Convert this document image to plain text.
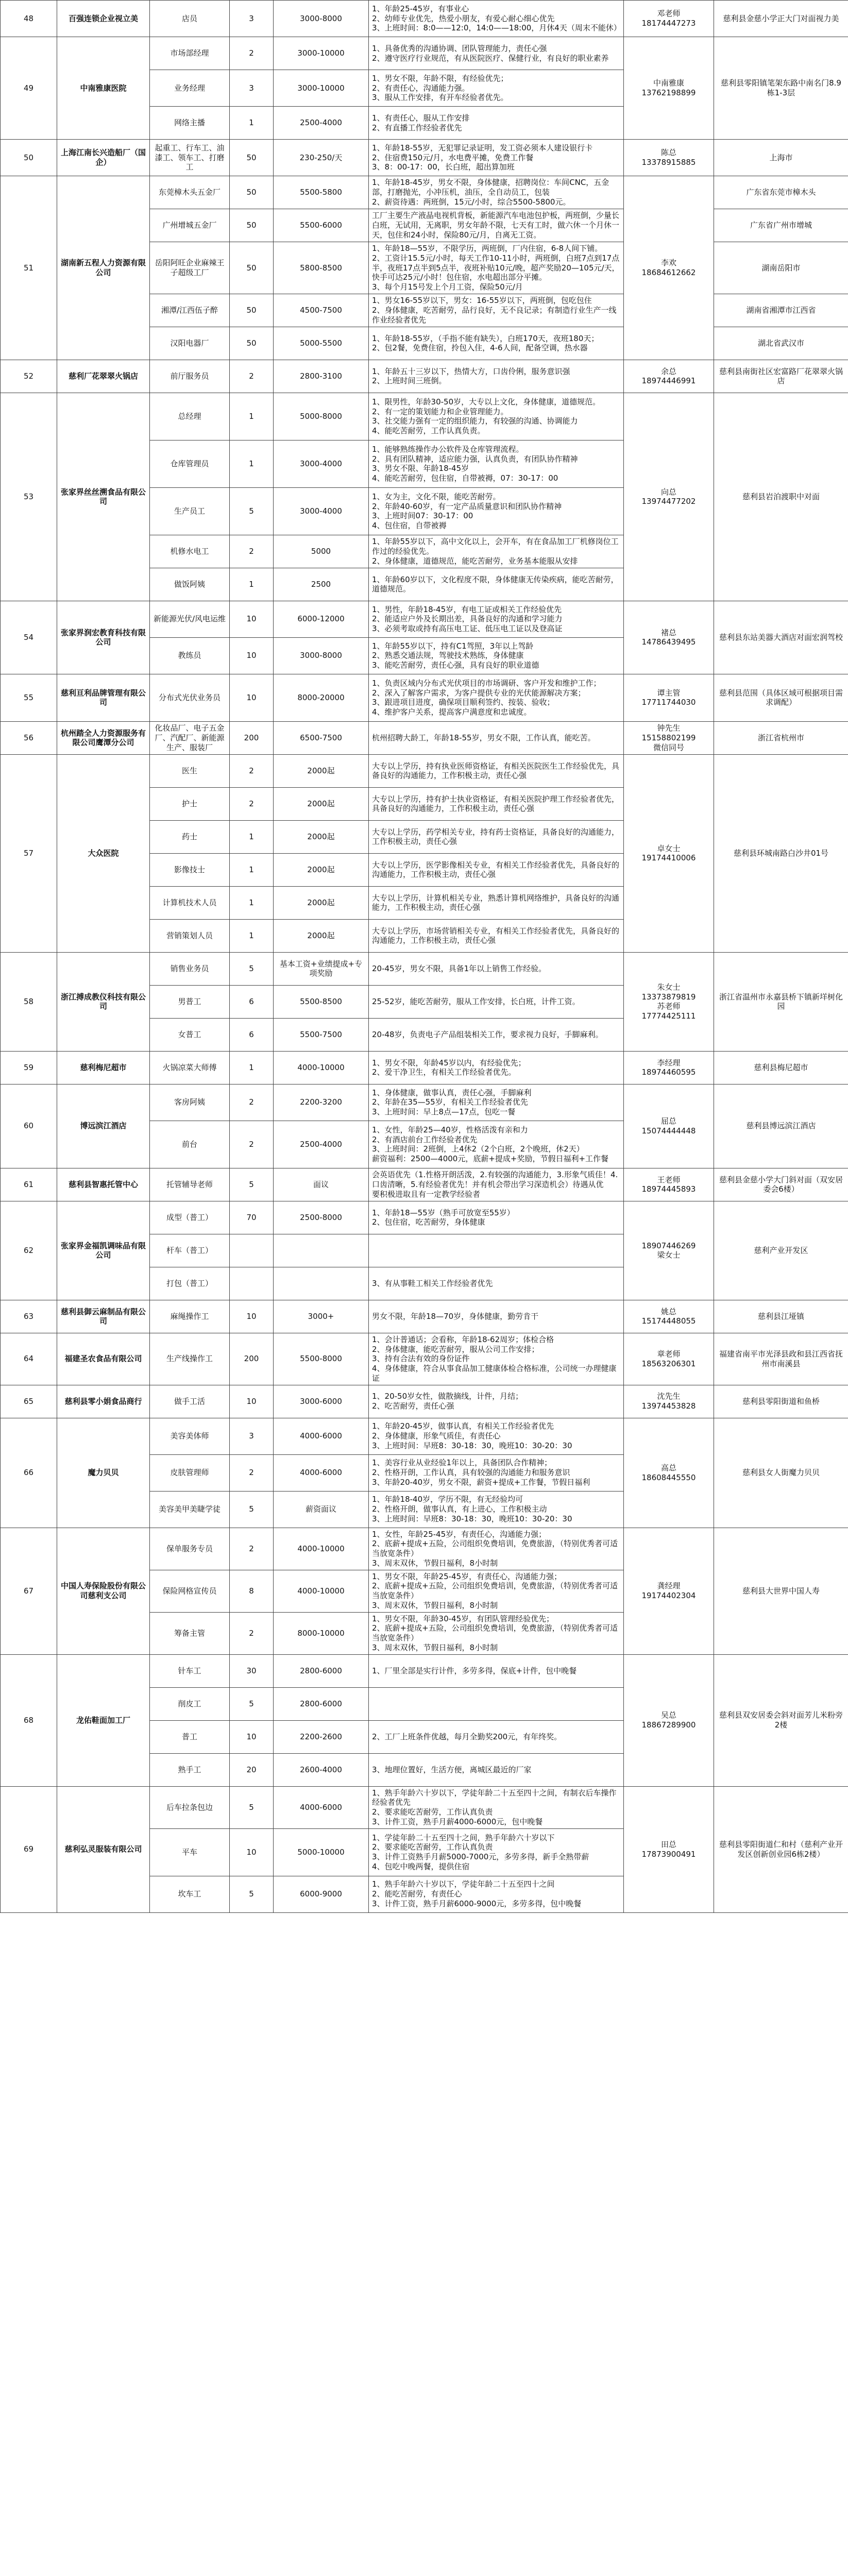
48	百强连锁企业视立美	店员	3	3000-8000	1、年龄25-45岁，有事业心
2、幼师专业优先，热爱小朋友，有爱心耐心细心优先
3、上班时间：8:0——12:0，14:0——18:00，月休4天（周末不能休）	邓老师
18174447273	慈利县金慈小学正大门对面视力美
49	中南雅康医院	市场部经理	2	3000-10000	1、具备优秀的沟通协调、团队管理能力，责任心强
2、遵守医疗行业规范，有从医院医疗、保健行业，有良好的职业素养	中南雅康
13762198899	慈利县零阳镇笔架东路中南名门8.9栋1-3层
		业务经理	3	3000-10000	1、男女不限，年龄不限，有经验优先；
2、有责任心，沟通能力强。
3、服从工作安排，有开车经验者优先。		

		网络主播	1	2500-4000	1、有责任心，服从工作安排
2、有直播工作经验者优先		

50	上海江南长兴造船厂（国企）	起重工、行车工、油漆工、领车工、打磨工	50	230-250/天	1、年龄18-55岁，无犯罪记录证明，发工资必须本人建设银行卡
2、住宿费150元/月，水电费平摊，免费工作餐
3、8：00-17：00，长白班，超出算加班	陈总
13378915885	上海市
51	湖南新五程人力资源有限公司	东莞樟木头五金厂	50	5500-5800	1、年龄18-45岁，男女不限，身体健康，招聘岗位：车间CNC，五金部，打磨抛光，小冲压机，油压，全自动员工，包装
2、薪资待遇：两班倒，15元/小时，综合5500-5800元。	李欢
18684612662	广东省东莞市樟木头
		广州增城五金厂	50	5500-6000	工厂主要生产液晶电视机背板，新能源汽车电池包护板，两班倒，少量长白班，无试用，无离职，男女年龄不限，七天有工时，做六休一个月休一天，包住和24小时，保险80元/月，自离无工资。		广东省广州市增城
		岳阳阿旺企业麻辣王子超级工厂	50	5800-8500	1、年龄18—55岁，不限学历，两班倒，厂内住宿，6-8人间下铺。
2、工资计15.5元/小时，每天工作10-11小时，两班倒，白班7点到17点半，夜班17点半到5点半，夜班补贴10元/晚，超产奖励20—105元/天，快手可达25元/小时！包住宿，水电超出部分平摊。
3、每个月15号发上个月工资，保险50元/月		湖南岳阳市
		湘潭/江西伍子醉	50	4500-7500	1、男女16-55岁以下，男女：16-55岁以下，两班倒，包吃包住
2、身体健康，吃苦耐劳，品行良好，无不良记录；有制造行业生产一线作业经验者优先		湖南省湘潭市江西省
		汉阳电器厂	50	5000-5500	1、年龄18-55岁，（手指不能有缺失），白班170天，夜班180天；
2、包2餐，免费住宿，拎包入住，4-6人间，配备空调，热水器		湖北省武汉市
52	慈利厂花翠翠火锅店	前厅服务员	2	2800-3100	1、年龄五十三岁以下，热情大方，口齿伶俐，服务意识强
2、上班时间三班倒。	余总
18974446991	慈利县南街社区宏富路厂花翠翠火锅店
53	张家界丝丝溯食品有限公司	总经理	1	5000-8000	1、限男性，年龄30-50岁，大专以上文化，身体健康，道德规范。
2、有一定的策划能力和企业管理能力。
3、社交能力强有一定的组织能力，有较强的沟通、协调能力
4、能吃苦耐劳，工作认真负责。	向总
13974477202	慈利县岩泊渡职中对面
		仓库管理员	1	3000-4000	1、能够熟练操作办公软件及仓库管理流程。
2、具有团队精神，适应能力强，认真负责，有团队协作精神
3、男女不限、年龄18-45岁
4、能吃苦耐劳，包住宿，自带被褥，07：30-17：00		

		生产员工	5	3000-4000	1、女为主，文化不限，能吃苦耐劳。
2、年龄40-60岁，有一定产品质量意识和团队协作精神
3、上班时间07：30-17：00
4、包住宿，自带被褥		

		机修水电工	2	5000	1、年龄55岁以下，高中文化以上，会开车，有在食品加工厂机修岗位工作过的经验优先。
2、身体健康，道德规范，能吃苦耐劳，业务基本能服从安排		

		做饭阿姨	1	2500	1、年龄60岁以下，文化程度不限，身体健康无传染疾病，能吃苦耐劳，道德规范。		

54	张家界润宏教育科技有限公司	新能源光伏/风电运维	10	6000-12000	1、男性，年龄18-45岁，有电工证或相关工作经验优先
2、能适应户外及长期出差，具备良好的沟通和学习能力
3、必须考取或持有高压电工证、低压电工证以及登高证	褚总
14786439495	慈利县东站美器大酒店对面宏润驾校
		教练员	10	3000-8000	1、年龄55岁以下，持有C1驾照，3年以上驾龄
2、熟悉交通法规，驾驶技术熟练，身体健康
3、能吃苦耐劳，责任心强，具有良好的职业道德		

55	慈利亘利品牌管理有限公司	分布式光伏业务员	10	8000-20000	1、负责区域内分布式光伏项目的市场调研、客户开发和维护工作；
2、深入了解客户需求，为客户提供专业的光伏能源解决方案；
3、跟进项目进度，确保项目顺利签约、按装、验收；
4、维护客户关系，提高客户满意度和忠诚度。	谭主管
17711744030	慈利县范围（具体区域可根据项目需求调配）
56	杭州踏全人力资源服务有限公司鹰潭分公司	化妆品厂、电子五金厂、汽配厂、新能源生产、服装厂	200	6500-7500	杭州招聘大龄工，年龄18-55岁，男女不限，工作认真，能吃苦。	钟先生
15158802199
微信同号	浙江省杭州市
57	大众医院	医生	2	2000起	大专以上学历，持有执业医师资格证，有相关医院医生工作经验优先，具备良好的沟通能力，工作积极主动，责任心强	卓女士
19174410006	慈利县环城南路白沙井01号
		护士	2	2000起	大专以上学历，持有护士执业资格证，有相关医院护理工作经验者优先，具备良好的沟通能力，工作积极主动，责任心强		

		药士	1	2000起	大专以上学历，药学相关专业，持有药士资格证，具备良好的沟通能力，工作积极主动，责任心强		

		影像技士	1	2000起	大专以上学历，医学影像相关专业，有相关工作经验者优先，具备良好的沟通能力，工作积极主动，责任心强		

		计算机技术人员	1	2000起	大专以上学历，计算机相关专业，熟悉计算机网络维护，具备良好的沟通能力，工作积极主动，责任心强		

		营销策划人员	1	2000起	大专以上学历，市场营销相关专业，有相关工作经验者优先，具备良好的沟通能力，工作积极主动，责任心强		

58	浙江搏成教仪科技有限公司	销售业务员	5	基本工资+业绩提成+专项奖励	20-45岁，男女不限，具备1年以上销售工作经验。	朱女士
13373879819
苏老师
17774425111	浙江省温州市永嘉县桥下镇新垟树化园
		男普工	6	5500-8500	25-52岁，能吃苦耐劳，服从工作安排，长白班，计件工资。		

		女普工	6	5500-7500	20-48岁，负责电子产品组装相关工作，要求视力良好，手脚麻利。		

59	慈利梅尼超市	火锅凉菜大师傅	1	4000-10000	1、男女不限，年龄45岁以内，有经验优先；
2、爱干净卫生，有相关工作经验者优先。	李经理
18974460595	慈利县梅尼超市
60	博远滨江酒店	客房阿姨	2	2200-3200	1、身体健康，做事认真，责任心强，手脚麻利
2、年龄在35—55岁，有相关工作经验者优先
3、上班时间：早上8点—17点，包吃一餐	屈总
15074444448	慈利县博远滨江酒店
		前台	2	2500-4000	1、女性，年龄25—40岁，性格活泼有亲和力
2、有酒店前台工作经验者优先
3、上班时间：2班倒，上4休2（2个白班，2个晚班，休2天）
薪资福利：2500—4000元，底薪+提成+奖励，节假日福利+工作餐		

61	慈利县智惠托管中心	托管辅导老师	5	面议	会英语优先（1.性格开朗活泼，2.有较强的沟通能力，3.形象气质佳！4.口齿清晰，5.有经验者优先！并有机会带出学习深造机会）待遇从优
要积极进取且有一定教学经验者	王老师
18974445893	慈利县金慈小学大门斜对面（双安居委会6楼）
62	张家界金福凯调味品有限公司	成型（普工）	70	2500-8000	1、年龄18—55岁（熟手可放宽至55岁）
2、包住宿，吃苦耐劳，身体健康	18907446269
梁女士	慈利产业开发区
		杆车（普工）					
		打包（普工）			3、有从事鞋工相关工作经验者优先		

63	慈利县御云麻制品有限公司	麻绳操作工	10	3000+	男女不限，年龄18—70岁，身体健康，勤劳肯干	姚总
15174448055	慈利县江垭镇
64	福建圣农食品有限公司	生产线操作工	200	5500-8000	1、会计普通话；会看称，年龄18-62周岁；体检合格
2、身体健康，能吃苦耐劳，服从公司工作安排；
3、持有合法有效的身份证件
4、身体健康，符合从事食品加工健康体检合格标准，公司统一办理健康证	章老师
18563206301	福建省南平市光泽县政和县江西省抚州市南溪县
65	慈利县零小娟食品商行	做手工活	10	3000-6000	1、20-50岁女性，做散摘线，计件，月结；
2、吃苦耐劳，责任心强	沈先生
13974453828	慈利县零阳街道和鱼桥
66	魔力贝贝	美容美体师	3	4000-6000	1、年龄20-45岁，做事认真，有相关工作经验者优先
2、身体健康，形象气质佳，有责任心
3、上班时间：早班8：30-18：30，晚班10：30-20：30	高总
18608445550	慈利县女人街魔力贝贝
		皮肤管理师	2	4000-6000	1、美容行业从业经验1年以上，具备团队合作精神；
2、性格开朗，工作认真，具有较强的沟通能力和服务意识
3、年龄20-40岁，男女不限，薪资+提成+工作餐，节假日福利		

		美容美甲美睫学徒	5	薪资面议	1、年龄18-40岁，学历不限，有无经验均可
2、性格开朗，做事认真，有上进心，工作积极主动
3、上班时间：早班8：30-18：30，晚班10：30-20：30		

67	中国人寿保险股份有限公司慈利支公司	保单服务专员	2	4000-10000	1、女性，年龄25-45岁，有责任心，沟通能力强；
2、底薪+提成+五险，公司组织免费培训，免费旅游，（特别优秀者可适当放宽条件）
3、周末双休，节假日福利，8小时制	龚经理
19174402304	慈利县大世界中国人寿
		保险网格宣传员	8	4000-10000	1、男女不限，年龄25-45岁，有责任心，沟通能力强；
2、底薪+提成+五险，公司组织免费培训，免费旅游，（特别优秀者可适当放宽条件）
3、周末双休，节假日福利，8小时制		

		筹备主管	2	8000-10000	1、男女不限，年龄30-45岁，有团队管理经验优先；
2、底薪+提成+五险，公司组织免费培训，免费旅游，（特别优秀者可适当放宽条件）
3、周末双休，节假日福利，8小时制		

68	龙佑鞋面加工厂	针车工	30	2800-6000	1、厂里全部是实行计件，多劳多得，保底+计件，包中晚餐	吴总
18867289900	慈利县双安居委会斜对面芳儿米粉旁2楼
		削皮工	5	2800-6000			
		普工	10	2200-2600	2、工厂上班条件优越，每月全勤奖200元，有年终奖。		

		熟手工	20	2600-4000	3、地理位置好，生活方便，离城区最近的厂家		

69	慈利弘灵服装有限公司	后车拉条包边	5	4000-6000	1、熟手年龄六十岁以下，学徒年龄二十五至四十之间，有制衣后车操作经验者优先
2、要求能吃苦耐劳，工作认真负责
3、计件工资，熟手月薪4000-6000元，包中晚餐	田总
17873900491	慈利县零阳街道仁和村（慈利产业开发区创新创业园6栋2楼）
		平车	10	5000-10000	1、学徒年龄二十五至四十之间，熟手年龄六十岁以下
2、要求能吃苦耐劳，工作认真负责
3、计件工资熟手月薪5000-7000元，多劳多得，新手全熟带薪
4、包吃中晚两餐，提供住宿		

		坎车工	5	6000-9000	1、熟手年龄六十岁以下，学徒年龄二十五至四十之间
2、能吃苦耐劳，有责任心
3、计件工资，熟手月薪6000-9000元，多劳多得，包中晚餐		
